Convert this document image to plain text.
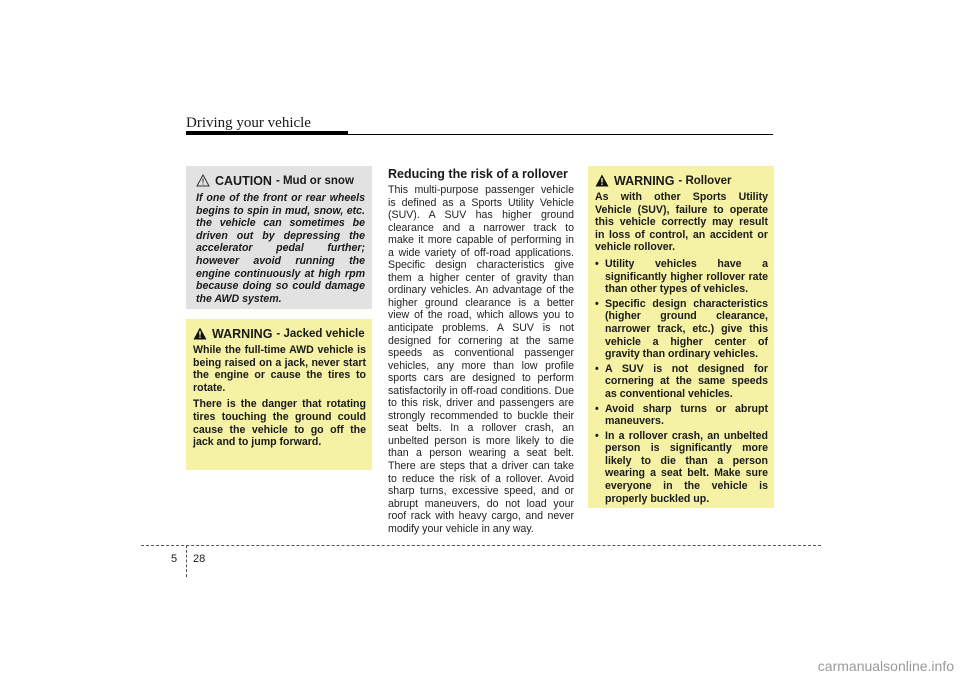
Driving your vehicle
CAUTION - Mud or snow
If one of the front or rear wheels begins to spin in mud, snow, etc. the vehicle can sometimes be driven out by depressing the accelerator pedal further; however avoid running the engine continuously at high rpm because doing so could damage the AWD system.
WARNING - Jacked vehicle

While the full-time AWD vehicle is being raised on a jack, never start the engine or cause the tires to rotate.

There is the danger that rotating tires touching the ground could cause the vehicle to go off the jack and to jump forward.

Reducing the risk of a rollover
This multi-purpose passenger vehicle is defined as a Sports Utility Vehicle (SUV). A SUV has higher ground clearance and a narrower track to make it more capable of performing in a wide variety of off-road applications. Specific design characteristics give them a higher center of gravity than ordinary vehicles. An advantage of the higher ground clearance is a better view of the road, which allows you to anticipate problems. A SUV is not designed for cornering at the same speeds as conventional passenger vehicles, any more than low profile sports cars are designed to perform satisfactorily in off-road conditions. Due to this risk, driver and passengers are strongly recommended to buckle their seat belts. In a rollover crash, an unbelted person is more likely to die than a person wearing a seat belt. There are steps that a driver can take to reduce the risk of a rollover. Avoid sharp turns, excessive speed, and or abrupt maneuvers, do not load your roof rack with heavy cargo, and never modify your vehicle in any way.
WARNING - Rollover

As with other Sports Utility Vehicle (SUV), failure to operate this vehicle correctly may result in loss of control, an accident or vehicle rollover.

• Utility vehicles have a significantly higher rollover rate than other types of vehicles.
• Specific design characteristics (higher ground clearance, narrower track, etc.) give this vehicle a higher center of gravity than ordinary vehicles.
• A SUV is not designed for cornering at the same speeds as conventional vehicles.
• Avoid sharp turns or abrupt maneuvers.
• In a rollover crash, an unbelted person is significantly more likely to die than a person wearing a seat belt. Make sure everyone in the vehicle is properly buckled up.
5 28
carmanualsonline.info
